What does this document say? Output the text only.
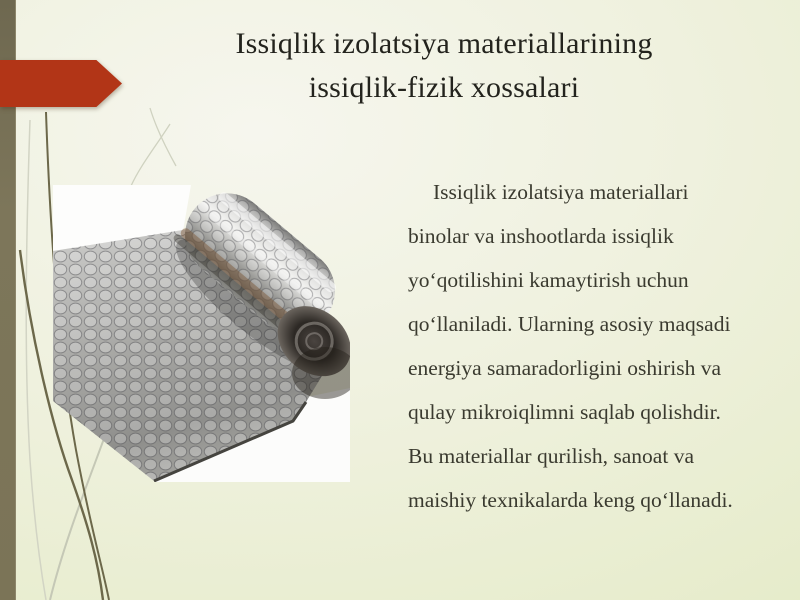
Issiqlik izolatsiya materiallarining
issiqlik-fizik xossalari
Issiqlik izolatsiya materiallari
binolar va inshootlarda issiqlik
yo‘qotilishini kamaytirish uchun
qo‘llaniladi. Ularning asosiy maqsadi
energiya samaradorligini oshirish va
qulay mikroiqlimni saqlab qolishdir.
Bu materiallar qurilish, sanoat va
maishiy texnikalarda keng qo‘llanadi.
